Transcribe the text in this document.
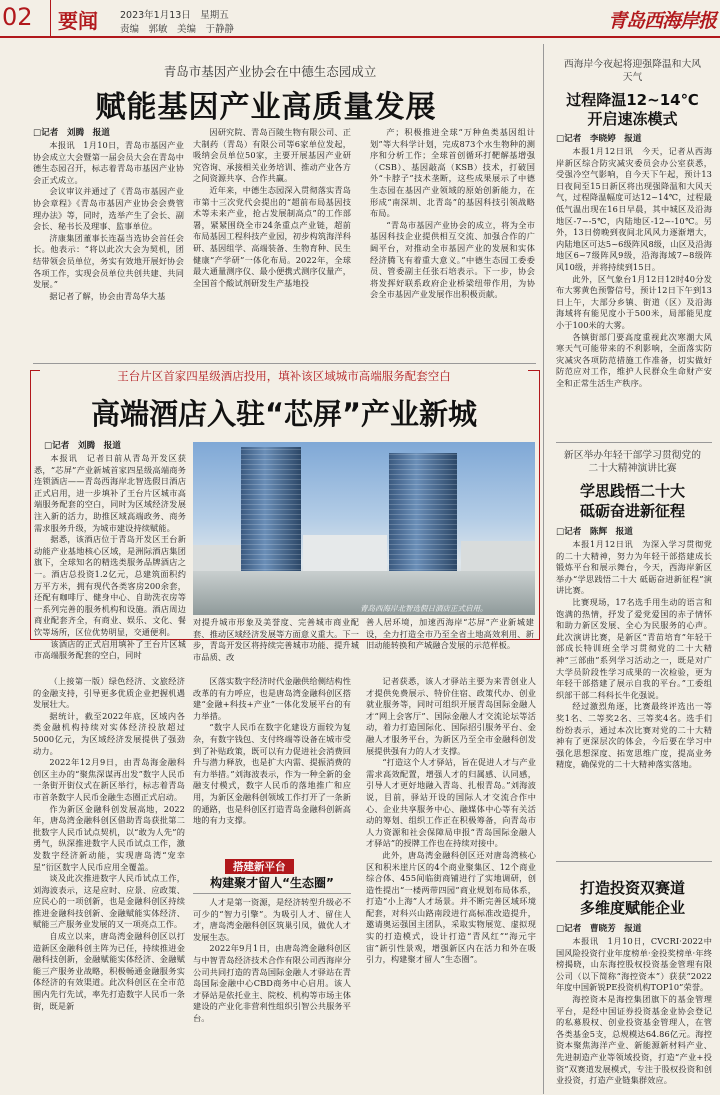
02 要闻 2023年1月13日　星期五
责编　郭敏　美编　于静静	青岛西海岸报
青岛市基因产业协会在中德生态园成立
赋能基因产业高质量发展
□记者　刘腾　报道

本报讯　1月10日，青岛市基因产业协会成立大会暨第一届会员大会在青岛中德生态园召开，标志着青岛市基因产业协会正式成立。

会议审议并通过了《青岛市基因产业协会章程》《青岛市基因产业协会会费管理办法》等，同时，选举产生了会长、副会长、秘书长及理事、监事单位。

济康集团董事长连磊当选协会首任会长。他表示：“将以此次大会为契机，团结带领会员单位，务实有效地开展好协会各项工作，实现会员单位共创共建、共同发展。”

据记者了解，协会由青岛华大基

因研究院、青岛百陵生物有限公司、正大制药（青岛）有限公司等6家单位发起，吸纳会员单位50家，主要开展基因产业研究咨询、承接相关业务培训、推动产业各方之间资源共享、合作共赢。

近年来，中德生态园深入贯彻落实青岛市第十三次党代会提出的“超前布局基因技术等未来产业，抢占发展制高点”的工作部署，紧紧围绕全市24条重点产业链，超前布局基因工程科技产业园，初步构筑海洋科研、基因组学、高端装备、生物育种、民生健康“产学研”一体化布局。2022年，全球最大通量测序仪、最小便携式测序仪量产，全国首个酸试剂研发生产基地投

产；积极推进全球“万种鱼类基因组计划”等大科学计划，完成873个水生物种的测序和分析工作；全球首创循环打靶解基增强（CSB）、基因敲高（KSB）技术，打破国外“卡脖子”技术垄断，这些成果展示了中德生态园在基因产业领域的原始创新能力，在形成“南深圳、北青岛”的基因科技引领战略布局。

“青岛市基因产业协会的成立，将为全市基因科技企业提供相互交流、加强合作的广阔平台，对推动全市基因产业的发展和实体经济腾飞有着重大意义。”中德生态园工委委员、管委副主任张石培表示。下一步，协会将发挥好联系政府企业桥梁纽带作用，为协会全市基因产业发展作出积极贡献。

王台片区首家四星级酒店投用，填补该区域城市高端服务配套空白
高端酒店入驻“芯屏”产业新城
□记者　刘腾　报道

本报讯　记者日前从青岛开发区获悉，“芯屏”产业新城首家四星级高端商务连锁酒店——青岛西海岸北智选假日酒店正式启用，进一步填补了王台片区城市高端服务配套的空白，同时为区域经济发展注入新的活力，助推区域高端政务、商务需求服务升级，为城市建设持续赋能。

据悉，该酒店位于青岛开发区王台新动能产业基地核心区域，是洲际酒店集团旗下，全球知名的精选类服务品牌酒店之一。酒店总投资1.2亿元，总建筑面积约万平方米，拥有现代各类客房200余套，还配有咖啡厅、健身中心、自助洗衣房等一系列完善的服务机构和设施。酒店周边商业配套齐全，有商业、娱乐、文化、餐饮等场所，区位优势明显，交通便利。

该酒店的正式启用填补了王台片区城市高端服务配套的空白，同时

青岛西海岸北智选假日酒店正式启用。
对提升城市形象及美誉度、完善城市商业配套、推动区域经济发展等方面意义重大。下一步，青岛开发区将持续完善城市功能、提升城市品质、改
善人居环境，加速西海岸“芯屏”产业新城建设，全力打造全市乃至全省土地高效利用、新旧动能转换和产城融合发展的示范样板。

（上接第一版）绿色经济、文旅经济的金融支持，引导更多优质企业把握机遇发展壮大。

据统计，截至2022年底，区域内各类金融机构持续对实体经济投放超过5000亿元，为区域经济发展提供了强劲动力。

2022年12月9日，由青岛海金融科创区主办的“聚焦深谋再出发”数字人民币一条街开街仪式在新区举行，标志着青岛市首条数字人民币金融生态圈正式启动。

作为新区金融科创发展高地，2022年，唐岛湾金融科创区借助青岛获批第二批数字人民币试点契机，以“敢为人先”的勇气，纵深推进数字人民币试点工作，激发数字经济新动能，实现唐岛湾“宠幸星”衍区数字人民币应用全覆盖。

谈及此次推进数字人民币试点工作，刘海波表示，这是应时、应景、应政策、应民心的一项创新，也是金融科创区持续推进金融科技创新、金融赋能实体经济、赋能三产服务业发展的又一项亮点工作。

自成立以来，唐岛湾金融科创区以打造新区金融科创主阵为已任，持续推进金融科技创新，金融赋能实体经济、金融赋能三产服务业战略，积极畅通金融服务实体经济的有效渠道。此次科创区在全市范围内先行先试，率先打造数字人民币一条街，既是新

区落实数字经济时代金融供给侧结构性改革的有力呼应，也是唐岛湾金融科创区搭建“金融+科技+产业”一体化发展平台的有力举措。

“数字人民币在数字化建设方面较为复杂，有数字钱包、支付终端等设备在城市受到了补贴政策，既可以有力促进社会消费回升与潜力释放，也是扩大内需、提振消费的有力举措。”刘海波表示，作为一种全新的金融支付模式，数字人民币的落地推广和应用，为新区金融科创领域工作打开了一条新的通路，也是科创区打造青岛金融科创新高地的有力支撑。

搭建新平台
构建聚才留人“生态圈”

人才是第一资源，是经济转型升级必不可少的“智力引擎”。为吸引人才、留住人才，唐岛湾金融科创区筑巢引凤，做优人才发展生态。

2022年9月1日，由唐岛湾金融科创区与中智青岛经济技术合作有限公司西海岸分公司共同打造的青岛国际金融人才驿站在青岛国际金融中心CBD商务中心启用。该人才驿站是依托业主、院校、机构等市场主体建设的产业化非营利性组织引智公共服务平台。

记者获悉，该人才驿站主要为来青创业人才提供免费展示、特价住宿、政策代办、创业就业服务等，同时可组织开展青岛国际金融人才“网上会客厅”、国际金融人才交流论坛等活动，着力打造国际化、国际招引服务平台、金融人才服务平台，为新区乃至全市金融科创发展提供强有力的人才支撑。

“打造这个人才驿站，旨在促进人才与产业需求高效配置，增强人才的归属感、认同感，引导人才更好地融入青岛、扎根青岛。”刘海波说，目前，驿站开设的国际人才交流合作中心、企业共享服务中心、融媒体中心等有关活动的筹划、组织工作正在积极筹备，向青岛市人力资源和社会保障局申报“青岛国际金融人才驿站”的授牌工作也在持续对接中。

此外，唐岛湾金融科创区还对唐岛湾核心区和积米崖片区的4个商业聚集区、12个商业综合体、455间临街商铺进行了实地调研，创造性提出“一楼两带四园”商业规划布局体系，打造“小上海”人才场景。并不断完善区域环境配套，对科兴山路南段进行高标准改造提升，邀请奥运强国主团队，采取实物展览、虚拟现实的打造模式，设计打造“青风红”“海元宇宙”新引性景观，增强新区内在活力和外在吸引力，构建聚才留人“生态圈”。

西海岸今夜起将迎强降温和大风天气
过程降温12~14℃
开启速冻模式
□记者　李晓婷　报道

本报1月12日讯　今天，记者从西海岸新区综合防灾减灾委员会办公室获悉，受强冷空气影响，自今天下午起，预计13日夜间至15日新区将出现强降温和大风天气，过程降温幅度可达12~14℃，过程最低气温出现在16日早晨，其中城区及沿海地区-7~-5℃，内陆地区-12~-10℃。另外，13日傍晚到夜间北风风力逐渐增大，内陆地区可达5~6级阵风8级，山区及沿海地区6~7级阵风9级，沿海海域7~8级阵风10级，并将持续到15日。

此外，区气象台1月12日12时40分发布大雾黄色预警信号，预计12日下午到13日上午，大部分乡镇、街道（区）及沿海海域将有能见度小于500米，局部能见度小于100米的大雾。

各镇街部门要高度重视此次寒潮大风寒天气可能带来的不利影响，全面落实防灾减灾各项防范措施工作准备，切实做好防范应对工作，维护人民群众生命财产安全和正常生活生产秩序。

新区举办年轻干部学习贯彻党的二十大精神演讲比赛
学思践悟二十大
砥砺奋进新征程
□记者　陈辉　报道

本报1月12日讯　为深入学习贯彻党的二十大精神，努力为年轻干部搭建成长锻炼平台和展示舞台，今天，西海岸新区举办“学思践悟二十大 砥砺奋进新征程”演讲比赛。

比赛现场，17名选手用生动的语言和饱满的热情，抒发了爱党爱国的赤子情怀和助力新区发展、全心为民服务的心声。此次演讲比赛，是新区“青苗培育”年轻干部成长特训班全学习贯彻党的二十大精神“三部曲”系列学习活动之一，既是对广大学员阶段性学习成果的一次检验，更为年轻干部搭建了展示自我的平台。”工委组织部干部二科科长牛化强说。

经过激烈角逐，比赛最终评选出一等奖1名、二等奖2名、三等奖4名。选手们纷纷表示，通过本次比赛对党的二十大精神有了更深层次的体会，今后要在学习中强化思想深度、拓宽思维广度，提高业务精度，确保党的二十大精神落实落地。

打造投资双赛道
多维度赋能企业
□记者　曹晓芳　报道

本报讯　1月10日，CVCRI·2022中国风险投资行业年度榜单·金投奖榜单·年终榜揭晓，山东海控股权投资基金管理有限公司（以下简称“海控资本”）获获“2022年度中国新锐PE投资机构TOP10”荣誉。

海控资本是海控集团旗下的基金管理平台，是经中国证券投资基金业协会登记的私募股权、创业投资基金管理人，在管各类基金5支，总规模达64.86亿元。海控资本聚焦海洋产业、新能源新材料产业、先进制造产业等领域投资，打造“产业+投资”双赛道发展模式，专注于股权投资和创业投资，打造产业链集群效应。
